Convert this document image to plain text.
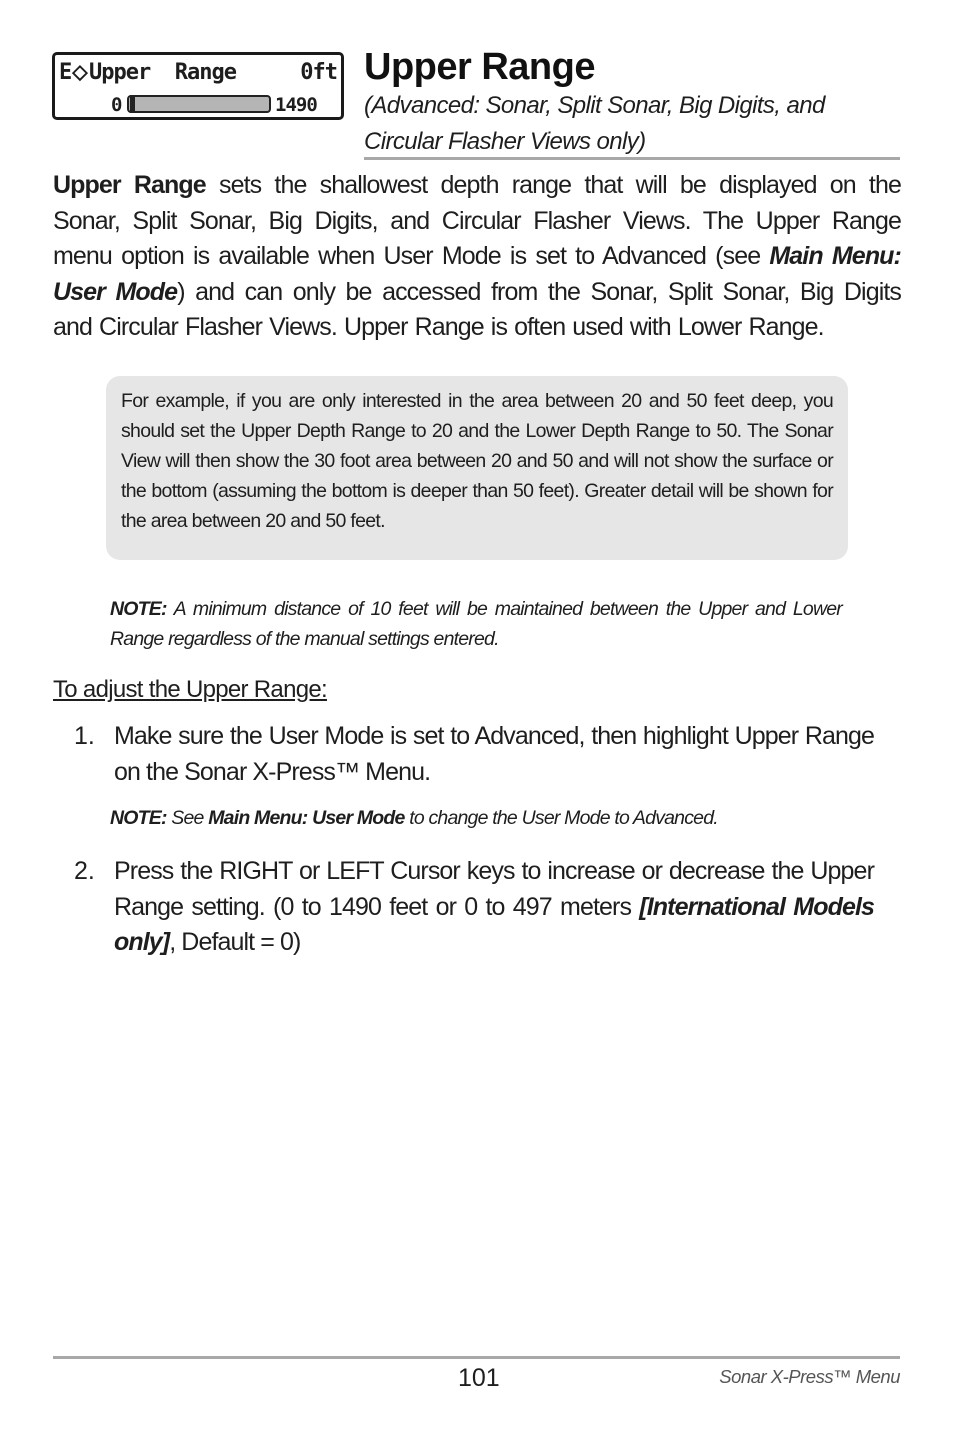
E⬦ Upper  Range	0ft
0	1490
Upper Range
(Advanced: Sonar, Split Sonar, Big Digits, and Circular Flasher Views only)
Upper Range sets the shallowest depth range that will be displayed on the Sonar, Split Sonar, Big Digits, and Circular Flasher Views. The Upper Range menu option is available when User Mode is set to Advanced (see Main Menu: User Mode) and can only be accessed from the Sonar, Split Sonar, Big Digits and Circular Flasher Views. Upper Range is often used with Lower Range.
For example, if you are only interested in the area between 20 and 50 feet deep, you should set the Upper Depth Range to 20 and the Lower Depth Range to 50. The Sonar View will then show the 30 foot area between 20 and 50 and will not show the surface or the bottom (assuming the bottom is deeper than 50 feet). Greater detail will be shown for the area between 20 and 50 feet.
NOTE: A minimum distance of 10 feet will be maintained between the Upper and Lower Range regardless of the manual settings entered.
To adjust the Upper Range:
1. Make sure the User Mode is set to Advanced, then highlight Upper Range on the Sonar X-Press™ Menu.
NOTE: See Main Menu: User Mode to change the User Mode to Advanced.
2. Press the RIGHT or LEFT Cursor keys to increase or decrease the Upper Range setting. (0 to 1490 feet or 0 to 497 meters [International Models only], Default = 0)
101	Sonar X-Press™ Menu
